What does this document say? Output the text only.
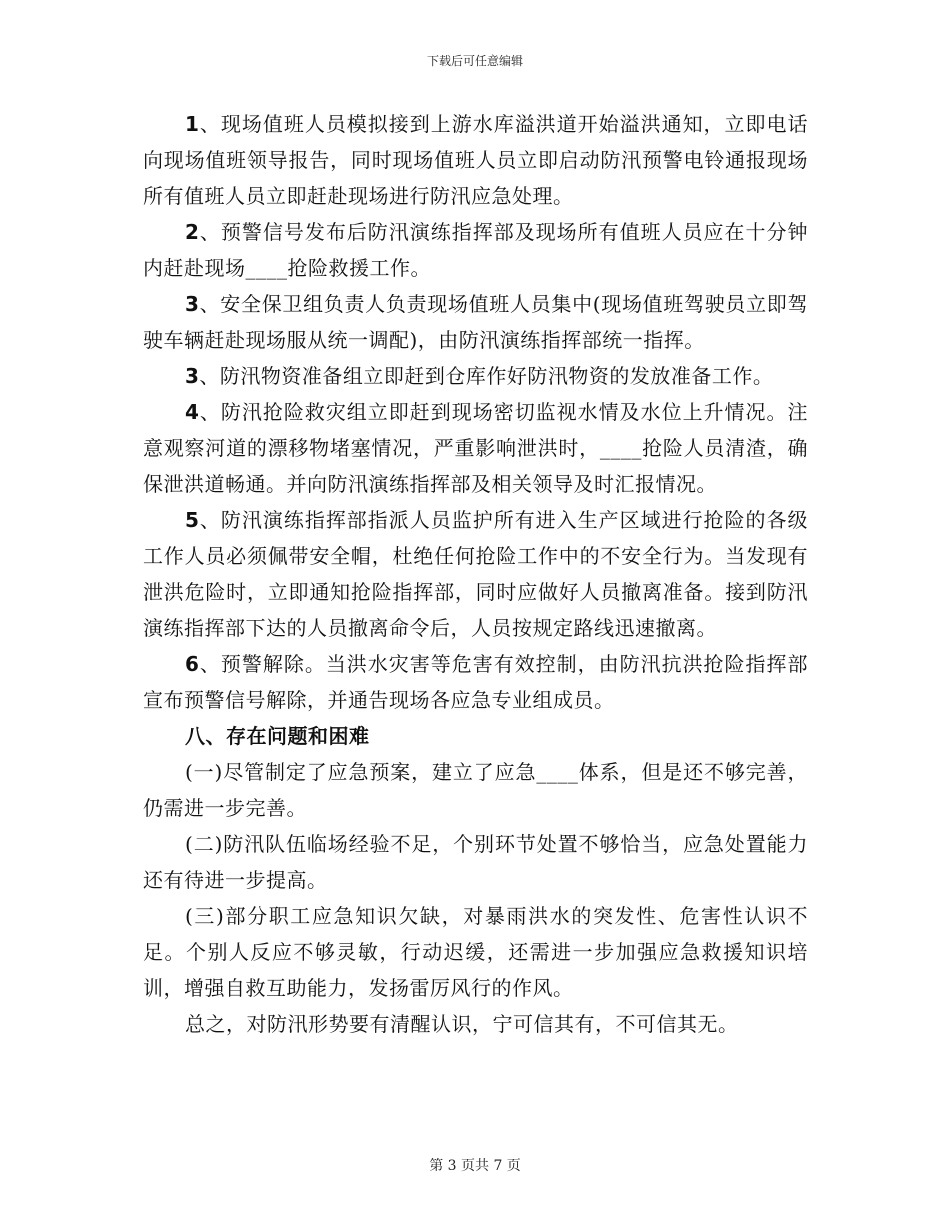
下载后可任意编辑

1、现场值班人员模拟接到上游水库溢洪道开始溢洪通知，立即电话向现场值班领导报告，同时现场值班人员立即启动防汛预警电铃通报现场所有值班人员立即赶赴现场进行防汛应急处理。

2、预警信号发布后防汛演练指挥部及现场所有值班人员应在十分钟内赶赴现场____抢险救援工作。

3、安全保卫组负责人负责现场值班人员集中(现场值班驾驶员立即驾驶车辆赶赴现场服从统一调配)，由防汛演练指挥部统一指挥。

3、防汛物资准备组立即赶到仓库作好防汛物资的发放准备工作。

4、防汛抢险救灾组立即赶到现场密切监视水情及水位上升情况。注意观察河道的漂移物堵塞情况，严重影响泄洪时，____抢险人员清渣，确保泄洪道畅通。并向防汛演练指挥部及相关领导及时汇报情况。

5、防汛演练指挥部指派人员监护所有进入生产区域进行抢险的各级工作人员必须佩带安全帽，杜绝任何抢险工作中的不安全行为。当发现有泄洪危险时，立即通知抢险指挥部，同时应做好人员撤离准备。接到防汛演练指挥部下达的人员撤离命令后，人员按规定路线迅速撤离。

6、预警解除。当洪水灾害等危害有效控制，由防汛抗洪抢险指挥部宣布预警信号解除，并通告现场各应急专业组成员。

八、存在问题和困难

(一)尽管制定了应急预案，建立了应急____体系，但是还不够完善，仍需进一步完善。

(二)防汛队伍临场经验不足，个别环节处置不够恰当，应急处置能力还有待进一步提高。

(三)部分职工应急知识欠缺，对暴雨洪水的突发性、危害性认识不足。个别人反应不够灵敏，行动迟缓，还需进一步加强应急救援知识培训，增强自救互助能力，发扬雷厉风行的作风。

总之，对防汛形势要有清醒认识，宁可信其有，不可信其无。

第 3 页共 7 页
